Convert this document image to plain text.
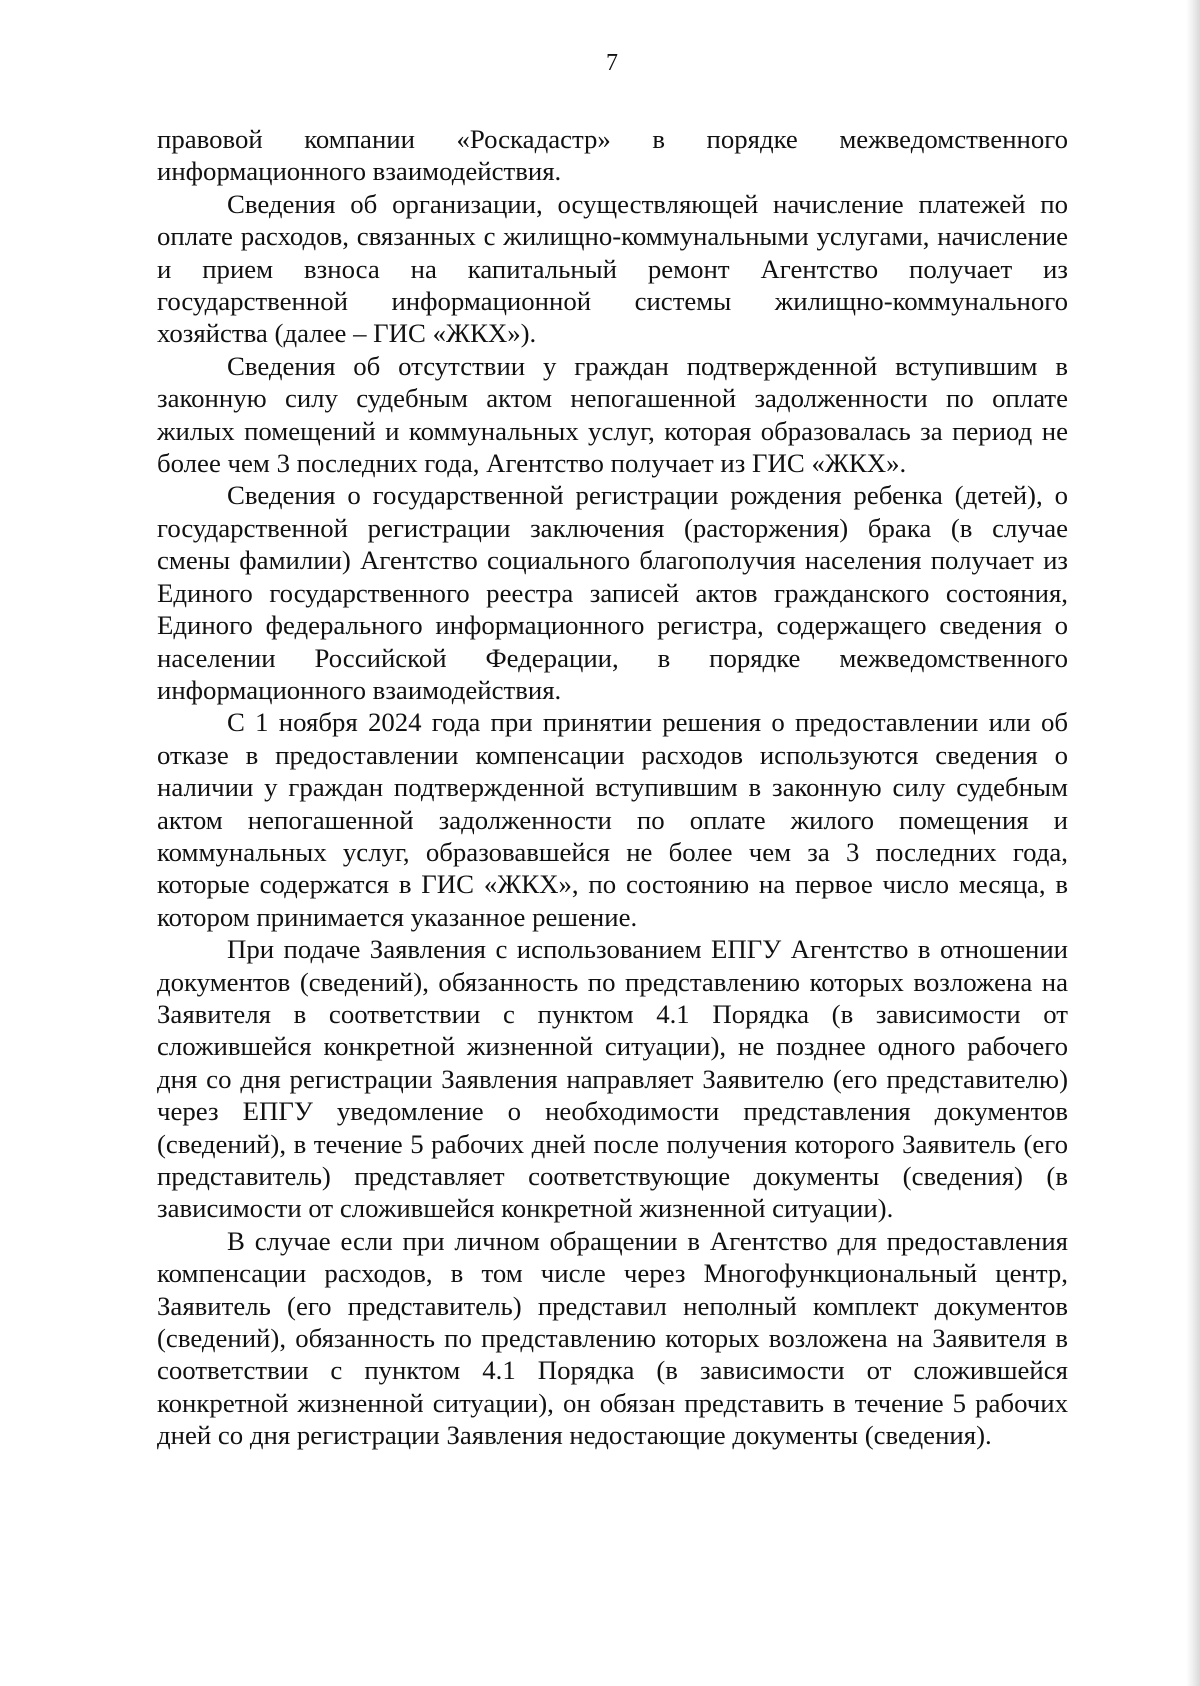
7

правовой компании «Роскадастр» в порядке межведомственного информационного взаимодействия.

Сведения об организации, осуществляющей начисление платежей по оплате расходов, связанных с жилищно-коммунальными услугами, начисление и прием взноса на капитальный ремонт Агентство получает из государственной информационной системы жилищно-коммунального хозяйства (далее – ГИС «ЖКХ»).

Сведения об отсутствии у граждан подтвержденной вступившим в законную силу судебным актом непогашенной задолженности по оплате жилых помещений и коммунальных услуг, которая образовалась за период не более чем 3 последних года, Агентство получает из ГИС «ЖКХ».

Сведения о государственной регистрации рождения ребенка (детей), о государственной регистрации заключения (расторжения) брака (в случае смены фамилии) Агентство социального благополучия населения получает из Единого государственного реестра записей актов гражданского состояния, Единого федерального информационного регистра, содержащего сведения о населении Российской Федерации, в порядке межведомственного информационного взаимодействия.

С 1 ноября 2024 года при принятии решения о предоставлении или об отказе в предоставлении компенсации расходов используются сведения о наличии у граждан подтвержденной вступившим в законную силу судебным актом непогашенной задолженности по оплате жилого помещения и коммунальных услуг, образовавшейся не более чем за 3 последних года, которые содержатся в ГИС «ЖКХ», по состоянию на первое число месяца, в котором принимается указанное решение.

При подаче Заявления с использованием ЕПГУ Агентство в отношении документов (сведений), обязанность по представлению которых возложена на Заявителя в соответствии с пунктом 4.1 Порядка (в зависимости от сложившейся конкретной жизненной ситуации), не позднее одного рабочего дня со дня регистрации Заявления направляет Заявителю (его представителю) через ЕПГУ уведомление о необходимости представления документов (сведений), в течение 5 рабочих дней после получения которого Заявитель (его представитель) представляет соответствующие документы (сведения) (в зависимости от сложившейся конкретной жизненной ситуации).

В случае если при личном обращении в Агентство для предоставления компенсации расходов, в том числе через Многофункциональный центр, Заявитель (его представитель) представил неполный комплект документов (сведений), обязанность по представлению которых возложена на Заявителя в соответствии с пунктом 4.1 Порядка (в зависимости от сложившейся конкретной жизненной ситуации), он обязан представить в течение 5 рабочих дней со дня регистрации Заявления недостающие документы (сведения).
